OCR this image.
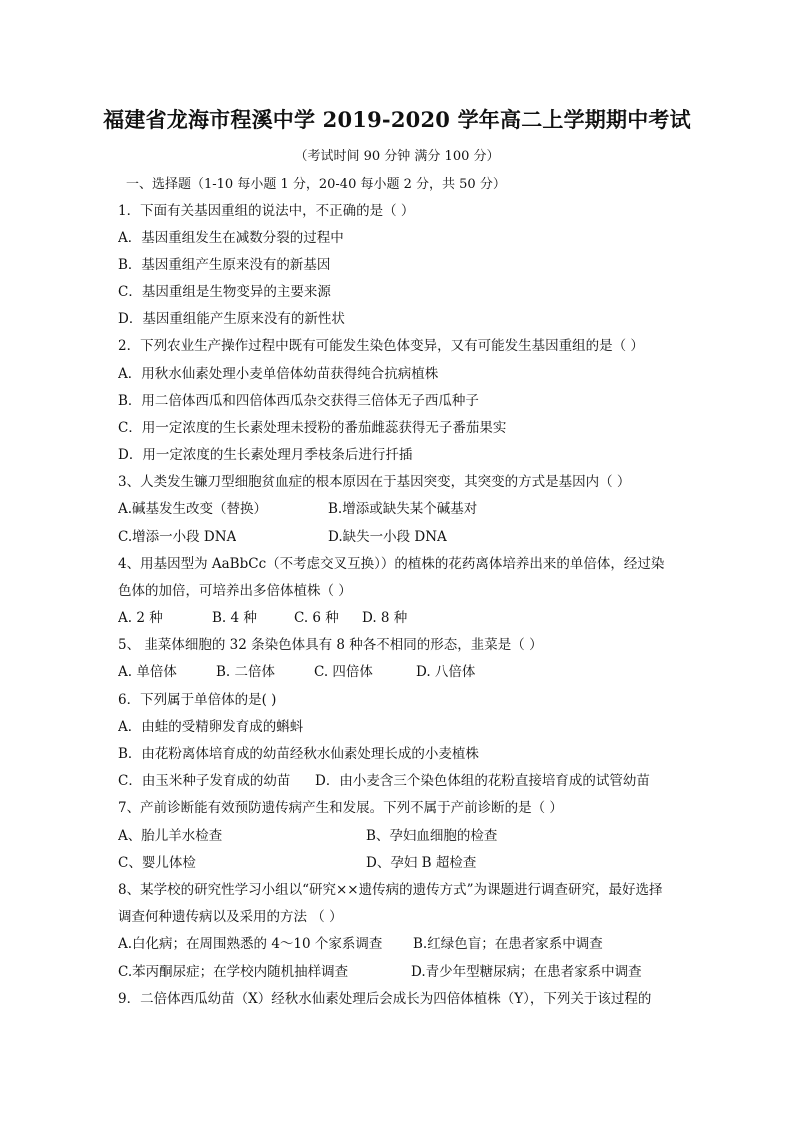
福建省龙海市程溪中学 2019-2020 学年高二上学期期中考试
（考试时间 90 分钟 满分 100 分）
一、选择题（1-10 每小题 1 分，20-40 每小题 2 分，共 50 分）
1．下面有关基因重组的说法中，不正确的是（ ）
A．基因重组发生在减数分裂的过程中
B．基因重组产生原来没有的新基因
C．基因重组是生物变异的主要来源
D．基因重组能产生原来没有的新性状
2．下列农业生产操作过程中既有可能发生染色体变异，又有可能发生基因重组的是（ ）
A．用秋水仙素处理小麦单倍体幼苗获得纯合抗病植株
B．用二倍体西瓜和四倍体西瓜杂交获得三倍体无子西瓜种子
C．用一定浓度的生长素处理未授粉的番茄雌蕊获得无子番茄果实
D．用一定浓度的生长素处理月季枝条后进行扦插
3、人类发生镰刀型细胞贫血症的根本原因在于基因突变，其突变的方式是基因内（ ）
A.碱基发生改变（替换）	B.增添或缺失某个碱基对
C.增添一小段 DNA	D.缺失一小段 DNA
4、用基因型为 AaBbCc（不考虑交叉互换））的植株的花药离体培养出来的单倍体，经过染
色体的加倍，可培养出多倍体植株（ ）
A. 2 种	B. 4 种	C. 6 种 D. 8 种
5、 韭菜体细胞的 32 条染色体具有 8 种各不相同的形态，韭菜是（ ）
A. 单倍体	B. 二倍体	C. 四倍体	D. 八倍体
6．下列属于单倍体的是( )
A．由蛙的受精卵发育成的蝌蚪
B．由花粉离体培育成的幼苗经秋水仙素处理长成的小麦植株
C．由玉米种子发育成的幼苗 D．由小麦含三个染色体组的花粉直接培育成的试管幼苗
7、产前诊断能有效预防遗传病产生和发展。下列不属于产前诊断的是（ ）
A、胎儿羊水检查	B、孕妇血细胞的检查
C、婴儿体检	D、孕妇 B 超检查
8、某学校的研究性学习小组以“研究××遗传病的遗传方式”为课题进行调查研究，最好选择
调查何种遗传病以及采用的方法 （ ）
A.白化病；在周围熟悉的 4～10 个家系调查 B.红绿色盲；在患者家系中调查
C.苯丙酮尿症；在学校内随机抽样调查	D.青少年型糖尿病；在患者家系中调查
9．二倍体西瓜幼苗（X）经秋水仙素处理后会成长为四倍体植株（Y），下列关于该过程的
